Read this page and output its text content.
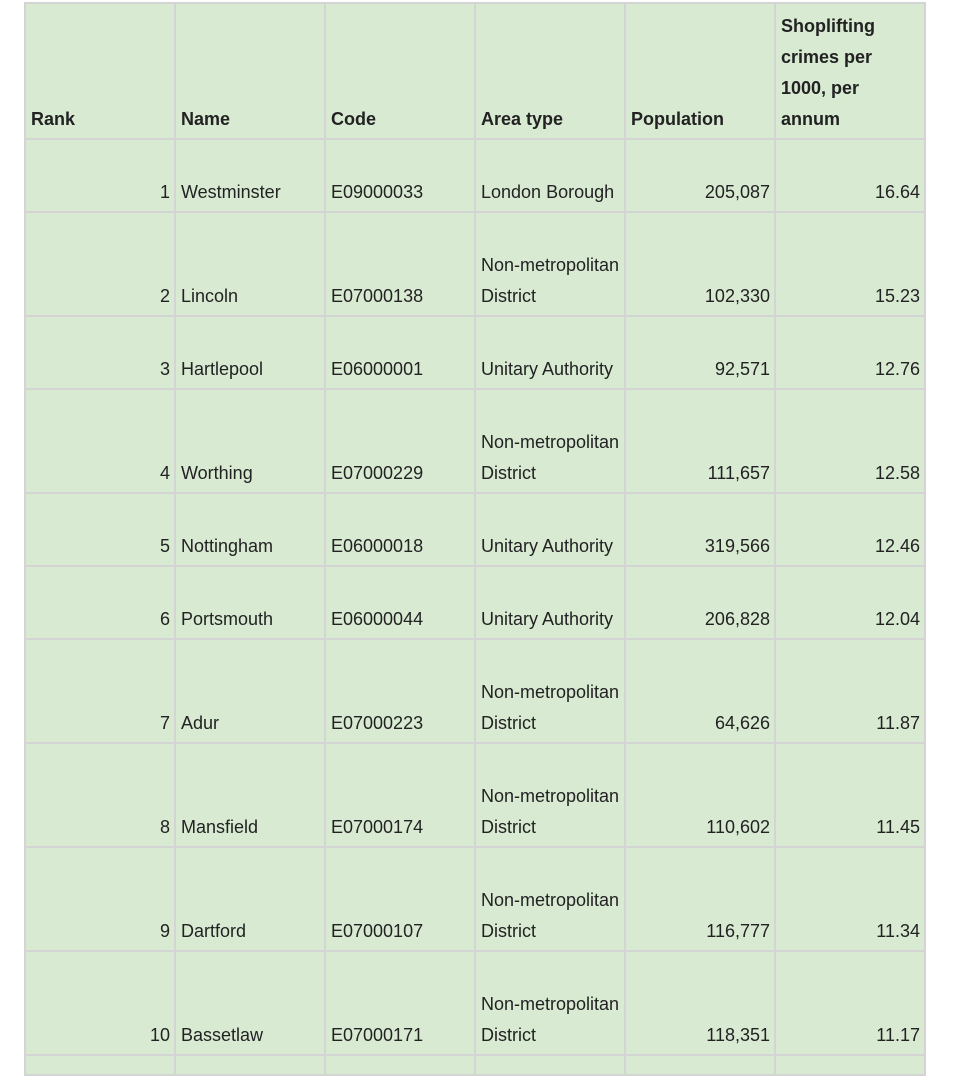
Rank	Name	Code	Area type	Population	Shoplifting crimes per 1000, per annum
1	Westminster	E09000033	London Borough	205,087	16.64
2	Lincoln	E07000138	Non-metropolitan District	102,330	15.23
3	Hartlepool	E06000001	Unitary Authority	92,571	12.76
4	Worthing	E07000229	Non-metropolitan District	111,657	12.58
5	Nottingham	E06000018	Unitary Authority	319,566	12.46
6	Portsmouth	E06000044	Unitary Authority	206,828	12.04
7	Adur	E07000223	Non-metropolitan District	64,626	11.87
8	Mansfield	E07000174	Non-metropolitan District	110,602	11.45
9	Dartford	E07000107	Non-metropolitan District	116,777	11.34
10	Bassetlaw	E07000171	Non-metropolitan District	118,351	11.17
